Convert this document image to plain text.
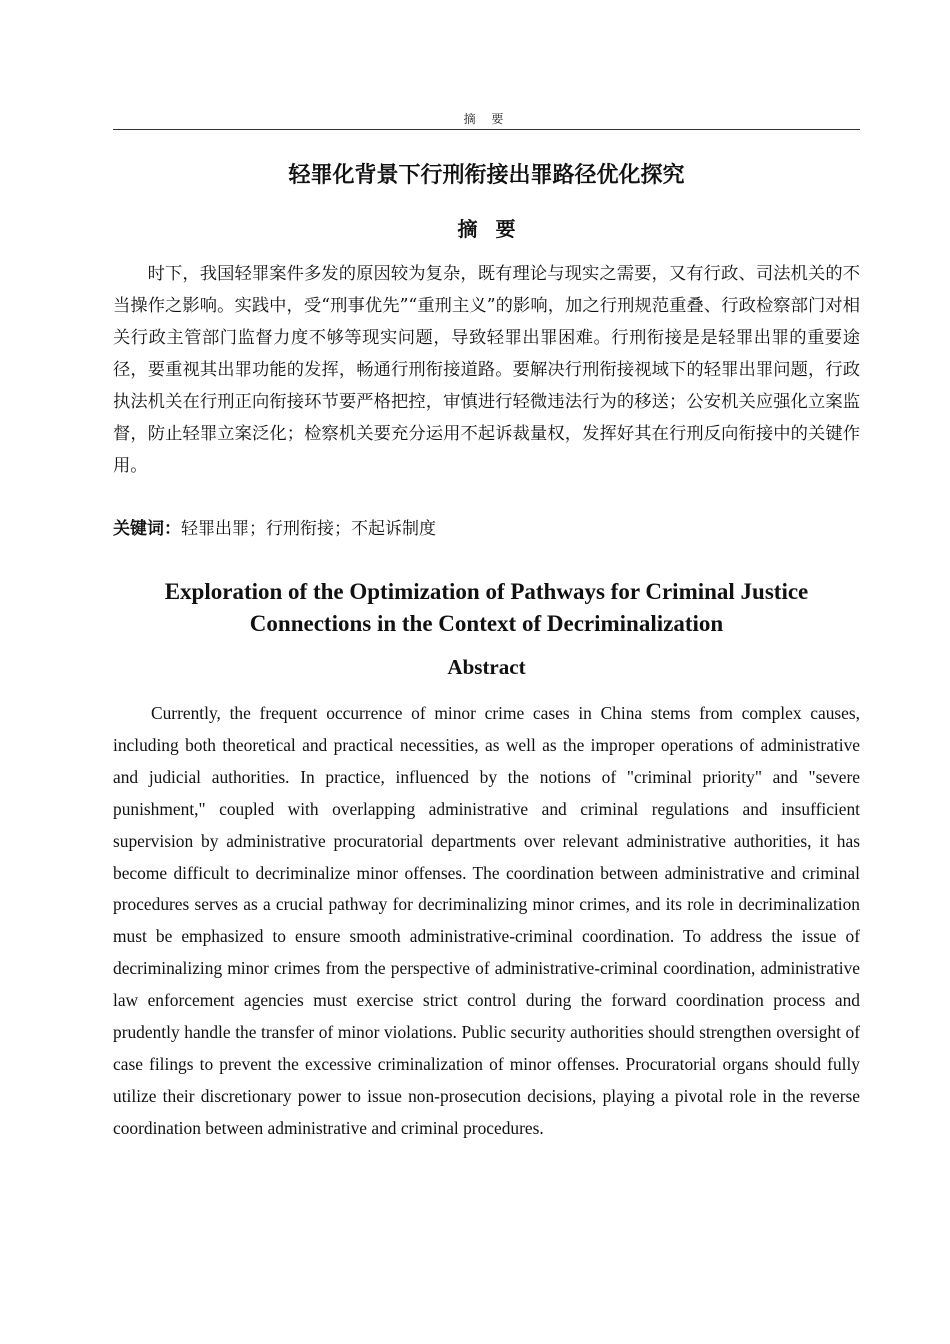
摘 要
轻罪化背景下行刑衔接出罪路径优化探究
摘要

时下，我国轻罪案件多发的原因较为复杂，既有理论与现实之需要，又有行政、司法机关的不当操作之影响。实践中，受“刑事优先”“重刑主义”的影响，加之行刑规范重叠、行政检察部门对相关行政主管部门监督力度不够等现实问题，导致轻罪出罪困难。行刑衔接是是轻罪出罪的重要途径，要重视其出罪功能的发挥，畅通行刑衔接道路。要解决行刑衔接视域下的轻罪出罪问题，行政执法机关在行刑正向衔接环节要严格把控，审慎进行轻微违法行为的移送；公安机关应强化立案监督，防止轻罪立案泛化；检察机关要充分运用不起诉裁量权，发挥好其在行刑反向衔接中的关键作用。

关键词：轻罪出罪；行刑衔接；不起诉制度
Exploration of the Optimization of Pathways for Criminal Justice
Connections in the Context of Decriminalization
Abstract

Currently, the frequent occurrence of minor crime cases in China stems from complex causes, including both theoretical and practical necessities, as well as the improper operations of administrative and judicial authorities. In practice, influenced by the notions of "criminal priority" and "severe punishment," coupled with overlapping administrative and criminal regulations and insufficient supervision by administrative procuratorial departments over relevant administrative authorities, it has become difficult to decriminalize minor offenses. The coordination between administrative and criminal procedures serves as a crucial pathway for decriminalizing minor crimes, and its role in decriminalization must be emphasized to ensure smooth administrative-criminal coordination. To address the issue of decriminalizing minor crimes from the perspective of administrative-criminal coordination, administrative law enforcement agencies must exercise strict control during the forward coordination process and prudently handle the transfer of minor violations. Public security authorities should strengthen oversight of case filings to prevent the excessive criminalization of minor offenses. Procuratorial organs should fully utilize their discretionary power to issue non-prosecution decisions, playing a pivotal role in the reverse coordination between administrative and criminal procedures.
